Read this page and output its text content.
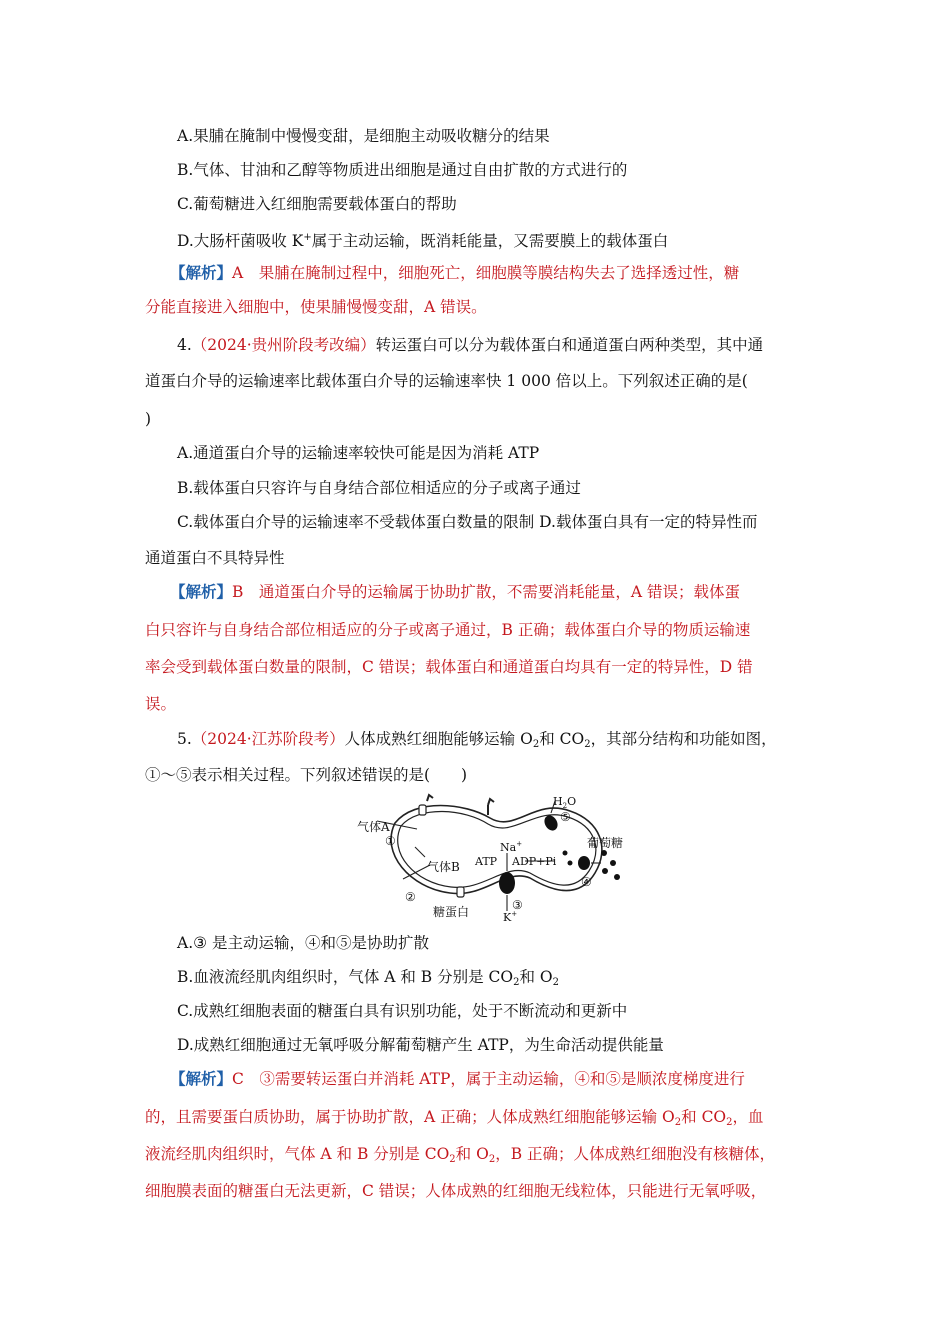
A.果脯在腌制中慢慢变甜，是细胞主动吸收糖分的结果
B.气体、甘油和乙醇等物质进出细胞是通过自由扩散的方式进行的
C.葡萄糖进入红细胞需要载体蛋白的帮助
D.大肠杆菌吸收 K+属于主动运输，既消耗能量，又需要膜上的载体蛋白
【解析】A　果脯在腌制过程中，细胞死亡，细胞膜等膜结构失去了选择透过性，糖
分能直接进入细胞中，使果脯慢慢变甜，A 错误。
4.（2024·贵州阶段考改编）转运蛋白可以分为载体蛋白和通道蛋白两种类型，其中通
道蛋白介导的运输速率比载体蛋白介导的运输速率快 1 000 倍以上。下列叙述正确的是(
)
A.通道蛋白介导的运输速率较快可能是因为消耗 ATP
B.载体蛋白只容许与自身结合部位相适应的分子或离子通过
C.载体蛋白介导的运输速率不受载体蛋白数量的限制 D.载体蛋白具有一定的特异性而
通道蛋白不具特异性
【解析】B　通道蛋白介导的运输属于协助扩散，不需要消耗能量，A 错误；载体蛋
白只容许与自身结合部位相适应的分子或离子通过，B 正确；载体蛋白介导的物质运输速
率会受到载体蛋白数量的限制，C 错误；载体蛋白和通道蛋白均具有一定的特异性，D 错
误。
5.（2024·江苏阶段考）人体成熟红细胞能够运输 $O_2$和 $CO_2$，其部分结构和功能如图，
①～⑤表示相关过程。下列叙述错误的是(　　)
气体A
气体B
糖蛋白
葡萄糖
ATP ADP+Pi
Na+
K+
$H_2O$
①
②
③
④
⑤
A.③ 是主动运输，④和⑤是协助扩散
B.血液流经肌肉组织时，气体 A 和 B 分别是 $CO_2$和 $O_2$
C.成熟红细胞表面的糖蛋白具有识别功能，处于不断流动和更新中
D.成熟红细胞通过无氧呼吸分解葡萄糖产生 ATP，为生命活动提供能量
【解析】C　③需要转运蛋白并消耗 ATP，属于主动运输，④和⑤是顺浓度梯度进行
的，且需要蛋白质协助，属于协助扩散，A 正确；人体成熟红细胞能够运输 $O_2$和 $CO_2$，血
液流经肌肉组织时，气体 A 和 B 分别是 $CO_2$和 $O_2$，B 正确；人体成熟红细胞没有核糖体，
细胞膜表面的糖蛋白无法更新，C 错误；人体成熟的红细胞无线粒体，只能进行无氧呼吸，
